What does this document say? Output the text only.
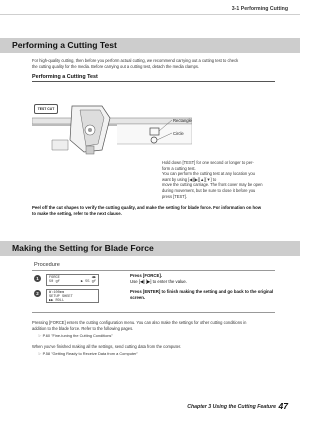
3-1 Performing Cutting
Performing a Cutting Test
For high-quality cutting, then before you perform actual cutting, we recommend carrying out a cutting test to check
the cutting quality for the media. Before carrying out a cutting test, detach the media clamps.
Performing a Cutting Test
TEST CUT
Rectangle
Circle
Hold down [TEST] for one second or longer to per-
form a cutting test.
You can perform the cutting test at any location you
want by using [◀][▶][▲][▼] to
move the cutting carriage. The front cover may be open
during movement, but be sure to close it before you
press [TEST].
Peel off the cut shapes to verify the cutting quality, and make the setting for blade force. For information on how
to make the setting, refer to the next clause.
Making the Setting for Blade Force
Procedure
1	FORCE	◀▶
50 gf	▶ 55 gf
Press [FORCE].
Use [◀] [▶] to enter the value.
2	W:100mm
SETUP SHEET
▶▶ ROLL
Press [ENTER] to finish making the setting and go back to the original
screen.
Pressing [FORCE] enters the cutting configuration menu. You can also make the settings for other cutting conditions in
addition to the blade force. Refer to the following pages.
☞ P.60 "Fine-tuning the Cutting Conditions"
When you've finished making all the settings, send cutting data from the computer.
☞ P.58 "Getting Ready to Receive Data from a Computer"
Chapter 3 Using the Cutting Feature 47
